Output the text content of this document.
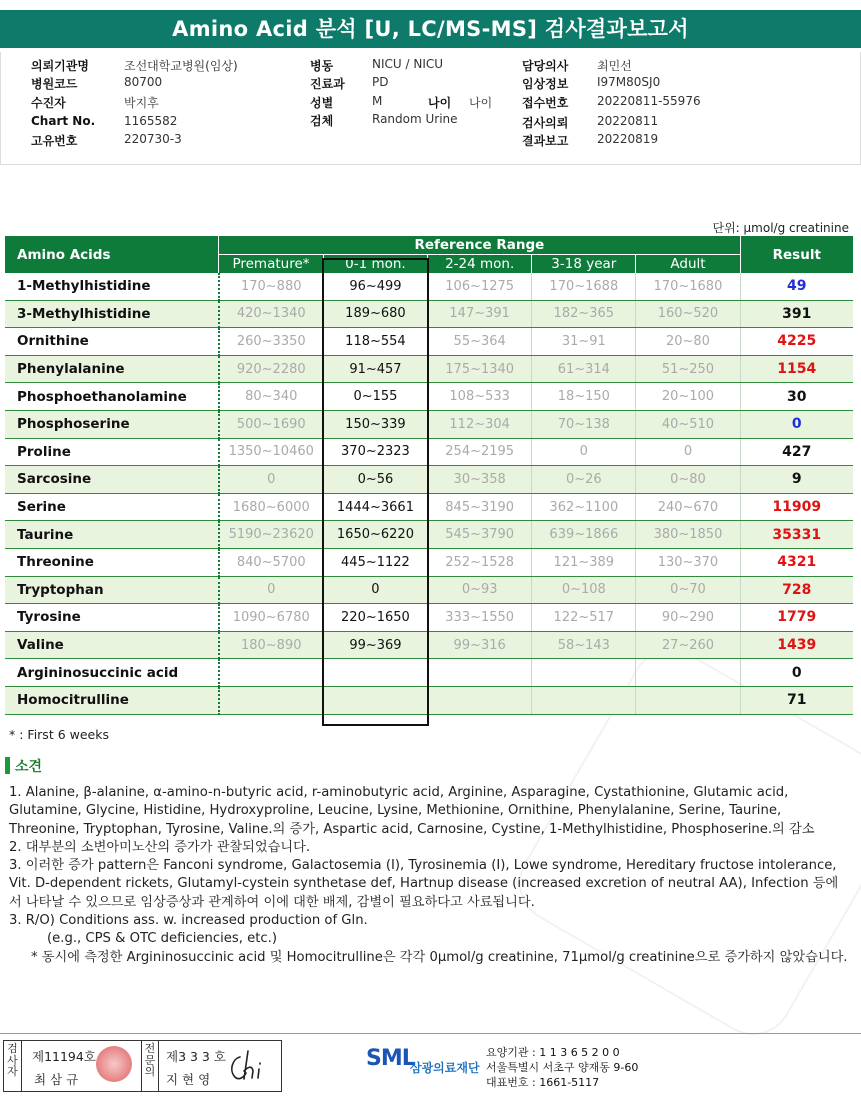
Amino Acid 분석 [U, LC/MS-MS] 검사결과보고서
의뢰기관명	조선대학교병원(임상)
병원코드	80700
수진자	박지후
Chart No. 1165582
고유번호	220730-3
병동	NICU / NICU
진료과 PD
성별	M
검체	Random Urine
나이 나이
담당의사 최민선
임상정보 I97M80SJ0
접수번호 20220811-55976
검사의뢰 20220811
결과보고 20220819
단위: μmol/g creatinine
Amino Acids	Reference Range					Result
	Premature*	0-1 mon.	2-24 mon.	3-18 year	Adult	
1-Methylhistidine	170~880	96~499	106~1275	170~1688	170~1680	49
3-Methylhistidine	420~1340	189~680	147~391	182~365	160~520	391
Ornithine	260~3350	118~554	55~364	31~91	20~80	4225
Phenylalanine	920~2280	91~457	175~1340	61~314	51~250	1154
Phosphoethanolamine	80~340	0~155	108~533	18~150	20~100	30
Phosphoserine	500~1690	150~339	112~304	70~138	40~510	0
Proline	1350~10460	370~2323	254~2195	0	0	427
Sarcosine	0	0~56	30~358	0~26	0~80	9
Serine	1680~6000	1444~3661	845~3190	362~1100	240~670	11909
Taurine	5190~23620	1650~6220	545~3790	639~1866	380~1850	35331
Threonine	840~5700	445~1122	252~1528	121~389	130~370	4321
Tryptophan	0	0	0~93	0~108	0~70	728
Tyrosine	1090~6780	220~1650	333~1550	122~517	90~290	1779
Valine	180~890	99~369	99~316	58~143	27~260	1439
Argininosuccinic acid						0
Homocitrulline						71
* : First 6 weeks
소견

1. Alanine, β-alanine, α-amino-n-butyric acid, r-aminobutyric acid, Arginine, Asparagine, Cystathionine, Glutamic acid, Glutamine, Glycine, Histidine, Hydroxyproline, Leucine, Lysine, Methionine, Ornithine, Phenylalanine, Serine, Taurine, Threonine, Tryptophan, Tyrosine, Valine.의 증가, Aspartic acid, Carnosine, Cystine, 1-Methylhistidine, Phosphoserine.의 감소

2. 대부분의 소변아미노산의 증가가 관찰되었습니다.

3. 이러한 증가 pattern은 Fanconi syndrome, Galactosemia (I), Tyrosinemia (I), Lowe syndrome, Hereditary fructose intolerance, Vit. D-dependent rickets, Glutamyl-cystein synthetase def, Hartnup disease (increased excretion of neutral AA), Infection 등에서 나타날 수 있으므로 임상증상과 관계하여 이에 대한 배제, 감별이 필요하다고 사료됩니다.

3. R/O) Conditions ass. w. increased production of Gln.

(e.g., CPS & OTC deficiencies, etc.)

* 동시에 측정한 Argininosuccinic acid 및 Homocitrulline은 각각 0μmol/g creatinine, 71μmol/g creatinine으로 증가하지 않았습니다.

검사자
제11194호
최 삼 규
전문의
제3 3 3 호
지 현 영
SML
삼광의료재단
요양기관 : 1 1 3 6 5 2 0 0
서울특별시 서초구 양재동 9-60
대표번호 : 1661-5117
